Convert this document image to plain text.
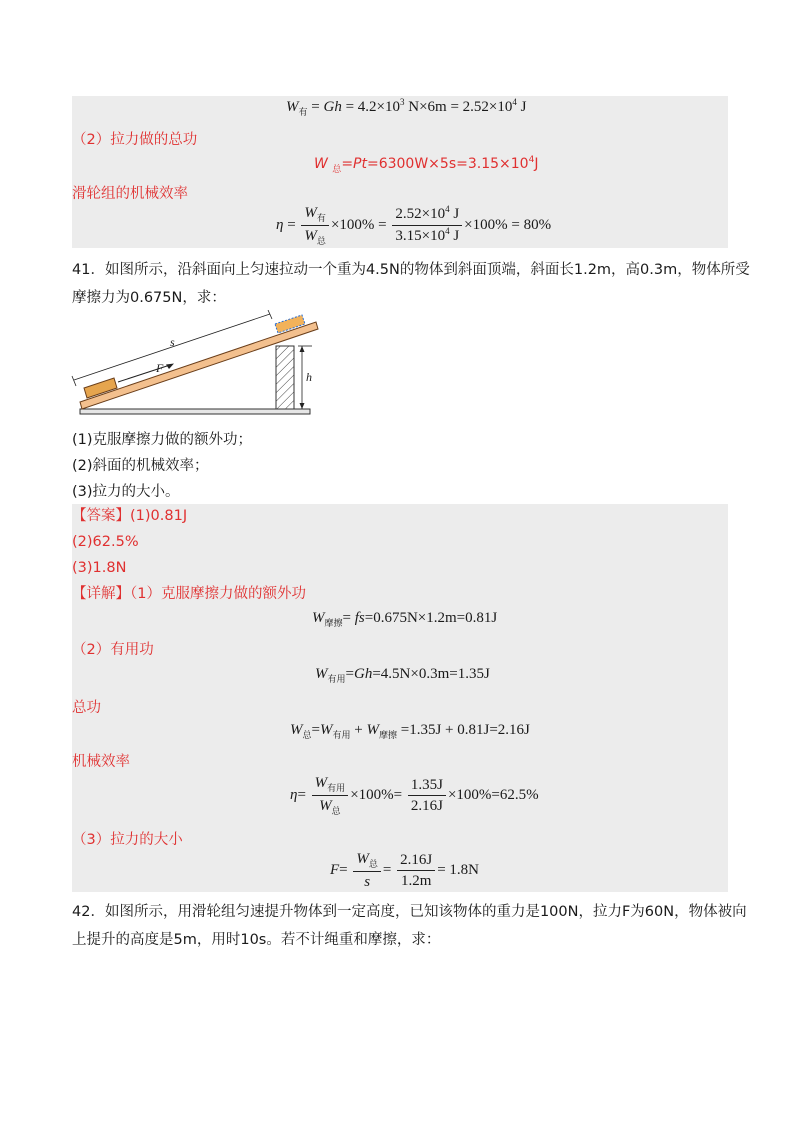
$W_有 = Gh = 4.2\times 10^3$ $N\times 6m = 2.52\times 10^4$ J
（2）拉力做的总功
W $_总=Pt=6300W\times 5s=3.15\times 10^4J$
滑轮组的机械效率
$\eta = \frac{W_有}{W_总} \times 100\% = \frac{2.52\times 10^4 J}{3.15\times 10^4 J} \times 100\% = 80\%$
41．如图所示，沿斜面向上匀速拉动一个重为4.5N的物体到斜面顶端，斜面长1.2m，高0.3m，物体所受
摩擦力为0.675N，求：
s
F
h
(1)克服摩擦力做的额外功；
(2)斜面的机械效率；
(3)拉力的大小。
【答案】(1)0.81J
(2)62.5%
(3)1.8N
【详解】（1）克服摩擦力做的额外功
$W_{摩擦}= fs=0.675N\times 1.2m=0.81J$
（2）有用功
$W_{有用}=Gh=4.5N\times 0.3m=1.35J$
总功
$W_总=W_{有用} + W_{摩擦} =1.35J + 0.81J=2.16J$
机械效率
$\eta= \frac{W_{有用}}{W_总} \times 100\%= \frac{1.35J}{2.16J} \times 100\%=62.5\%$
（3）拉力的大小
$F= \frac{W_总}{s} = \frac{2.16J}{1.2m} = 1.8N$
42．如图所示，用滑轮组匀速提升物体到一定高度，已知该物体的重力是100N，拉力F为60N，物体被向
上提升的高度是5m，用时10s。若不计绳重和摩擦，求：
